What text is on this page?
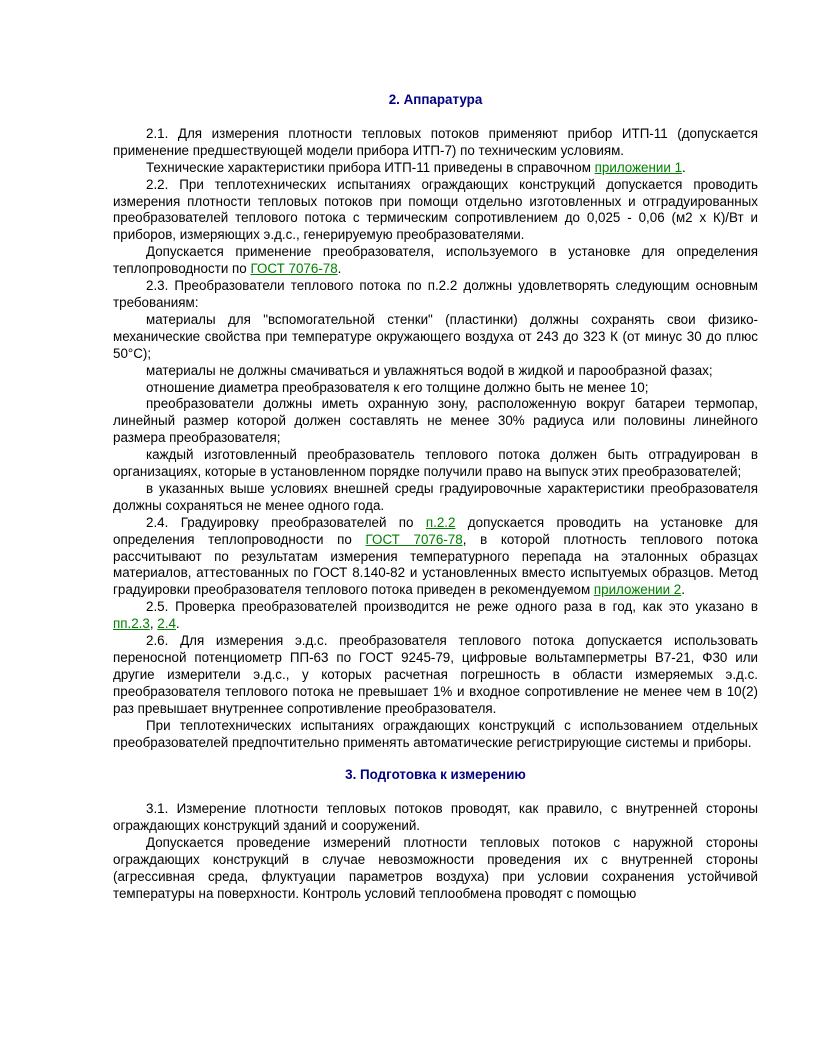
2. Аппаратура

2.1. Для измерения плотности тепловых потоков применяют прибор ИТП-11 (допускается применение предшествующей модели прибора ИТП-7) по техническим условиям.

Технические характеристики прибора ИТП-11 приведены в справочном приложении 1.

2.2. При теплотехнических испытаниях ограждающих конструкций допускается проводить измерения плотности тепловых потоков при помощи отдельно изготовленных и отградуированных преобразователей теплового потока с термическим сопротивлением до 0,025 - 0,06 (м2 х К)/Вт и приборов, измеряющих э.д.с., генерируемую преобразователями.

Допускается применение преобразователя, используемого в установке для определения теплопроводности по ГОСТ 7076-78.

2.3. Преобразователи теплового потока по п.2.2 должны удовлетворять следующим основным требованиям:

материалы для "вспомогательной стенки" (пластинки) должны сохранять свои физико-механические свойства при температуре окружающего воздуха от 243 до 323 К (от минус 30 до плюс 50°С);

материалы не должны смачиваться и увлажняться водой в жидкой и парообразной фазах;

отношение диаметра преобразователя к его толщине должно быть не менее 10;

преобразователи должны иметь охранную зону, расположенную вокруг батареи термопар, линейный размер которой должен составлять не менее 30% радиуса или половины линейного размера преобразователя;

каждый изготовленный преобразователь теплового потока должен быть отградуирован в организациях, которые в установленном порядке получили право на выпуск этих преобразователей;

в указанных выше условиях внешней среды градуировочные характеристики преобразователя должны сохраняться не менее одного года.

2.4. Градуировку преобразователей по п.2.2 допускается проводить на установке для определения теплопроводности по ГОСТ 7076-78, в которой плотность теплового потока рассчитывают по результатам измерения температурного перепада на эталонных образцах материалов, аттестованных по ГОСТ 8.140-82 и установленных вместо испытуемых образцов. Метод градуировки преобразователя теплового потока приведен в рекомендуемом приложении 2.

2.5. Проверка преобразователей производится не реже одного раза в год, как это указано в пп.2.3, 2.4.

2.6. Для измерения э.д.с. преобразователя теплового потока допускается использовать переносной потенциометр ПП-63 по ГОСТ 9245-79, цифровые вольтамперметры В7-21, Ф30 или другие измерители э.д.с., у которых расчетная погрешность в области измеряемых э.д.с. преобразователя теплового потока не превышает 1% и входное сопротивление не менее чем в 10(2) раз превышает внутреннее сопротивление преобразователя.

При теплотехнических испытаниях ограждающих конструкций с использованием отдельных преобразователей предпочтительно применять автоматические регистрирующие системы и приборы.

3. Подготовка к измерению

3.1. Измерение плотности тепловых потоков проводят, как правило, с внутренней стороны ограждающих конструкций зданий и сооружений.

Допускается проведение измерений плотности тепловых потоков с наружной стороны ограждающих конструкций в случае невозможности проведения их с внутренней стороны (агрессивная среда, флуктуации параметров воздуха) при условии сохранения устойчивой температуры на поверхности. Контроль условий теплообмена проводят с помощью
